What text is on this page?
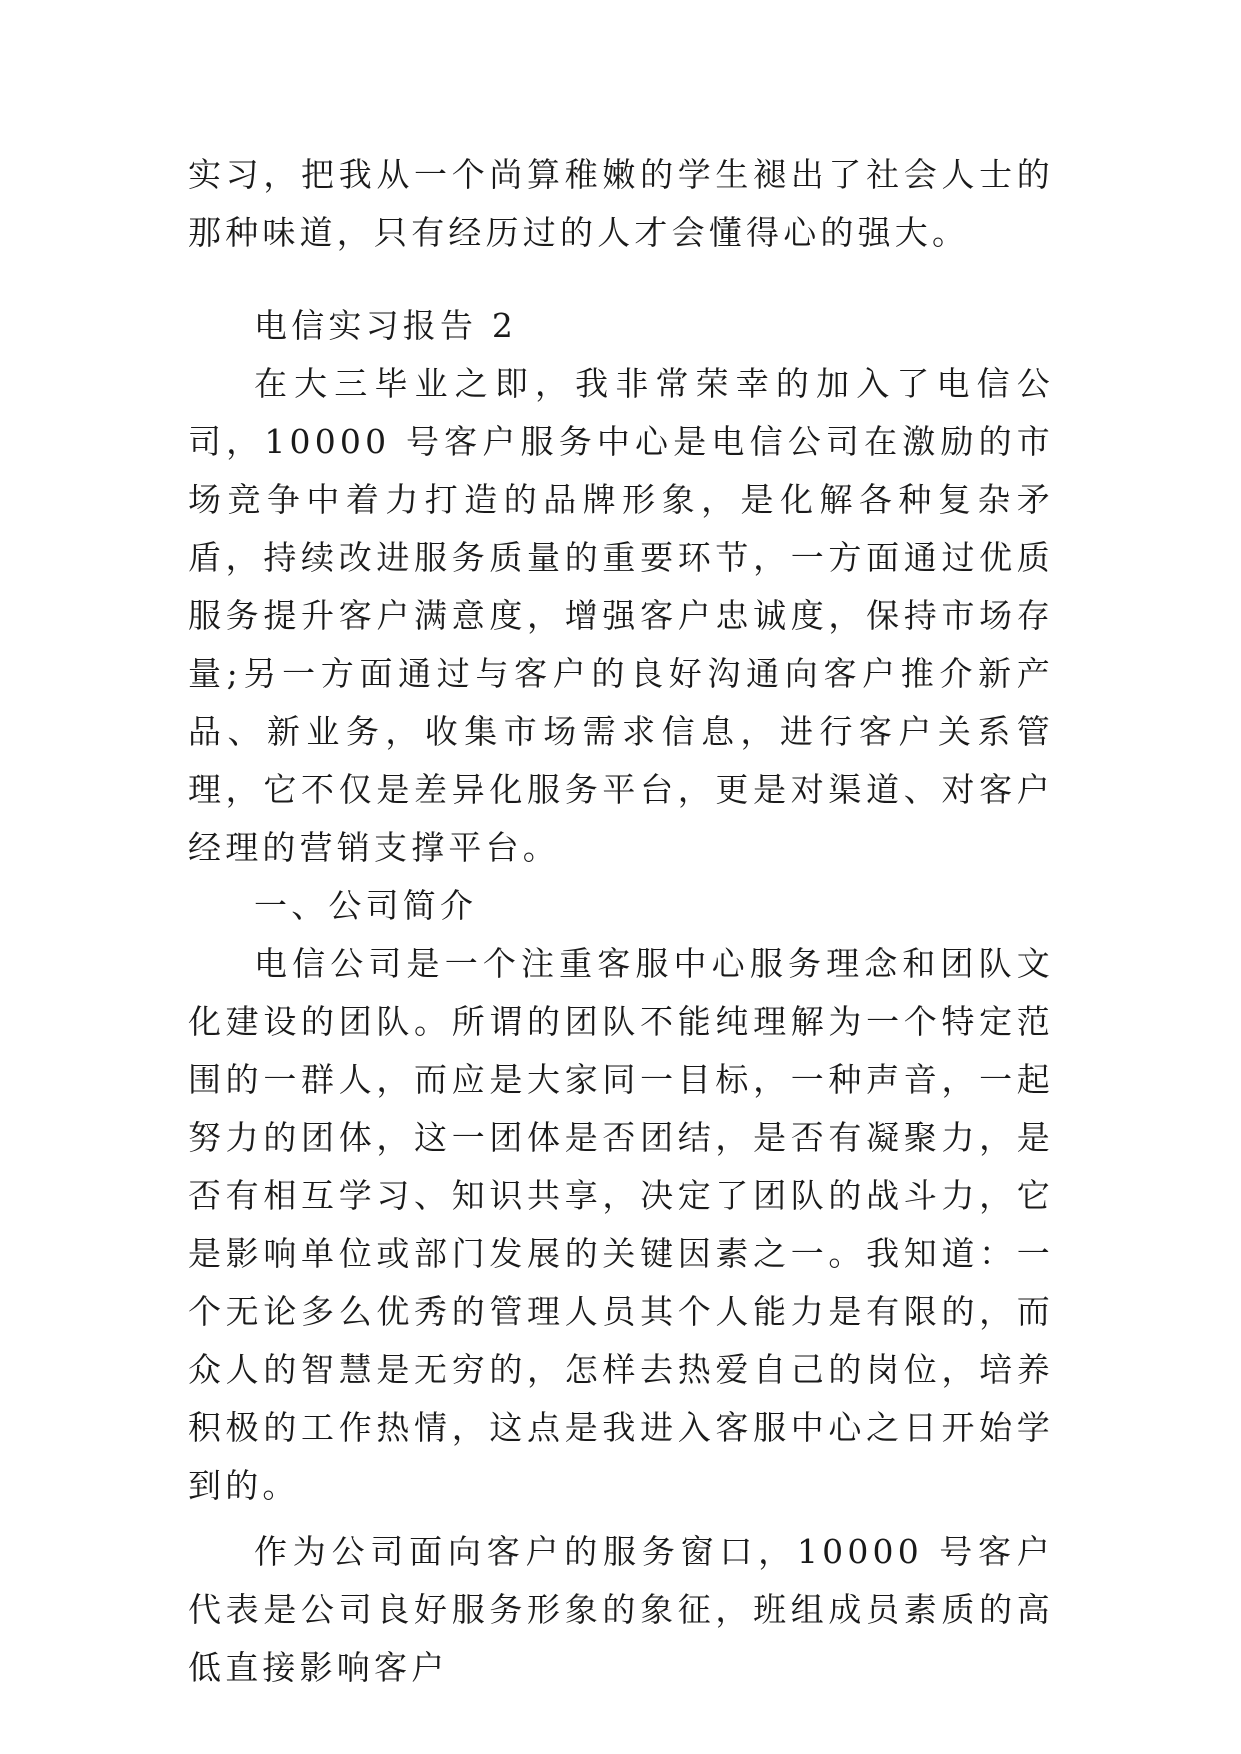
实习，把我从一个尚算稚嫩的学生褪出了社会人士的那种味道，只有经历过的人才会懂得心的强大。

电信实习报告 2

在大三毕业之即，我非常荣幸的加入了电信公司，10000 号客户服务中心是电信公司在激励的市场竞争中着力打造的品牌形象，是化解各种复杂矛盾，持续改进服务质量的重要环节，一方面通过优质服务提升客户满意度，增强客户忠诚度，保持市场存量;另一方面通过与客户的良好沟通向客户推介新产品、新业务，收集市场需求信息，进行客户关系管理，它不仅是差异化服务平台，更是对渠道、对客户经理的营销支撑平台。

一、公司简介

电信公司是一个注重客服中心服务理念和团队文化建设的团队。所谓的团队不能纯理解为一个特定范围的一群人，而应是大家同一目标，一种声音，一起努力的团体，这一团体是否团结，是否有凝聚力，是否有相互学习、知识共享，决定了团队的战斗力，它是影响单位或部门发展的关键因素之一。我知道：一个无论多么优秀的管理人员其个人能力是有限的，而众人的智慧是无穷的，怎样去热爱自己的岗位，培养积极的工作热情，这点是我进入客服中心之日开始学到的。

作为公司面向客户的服务窗口，10000 号客户代表是公司良好服务形象的象征，班组成员素质的高低直接影响客户
